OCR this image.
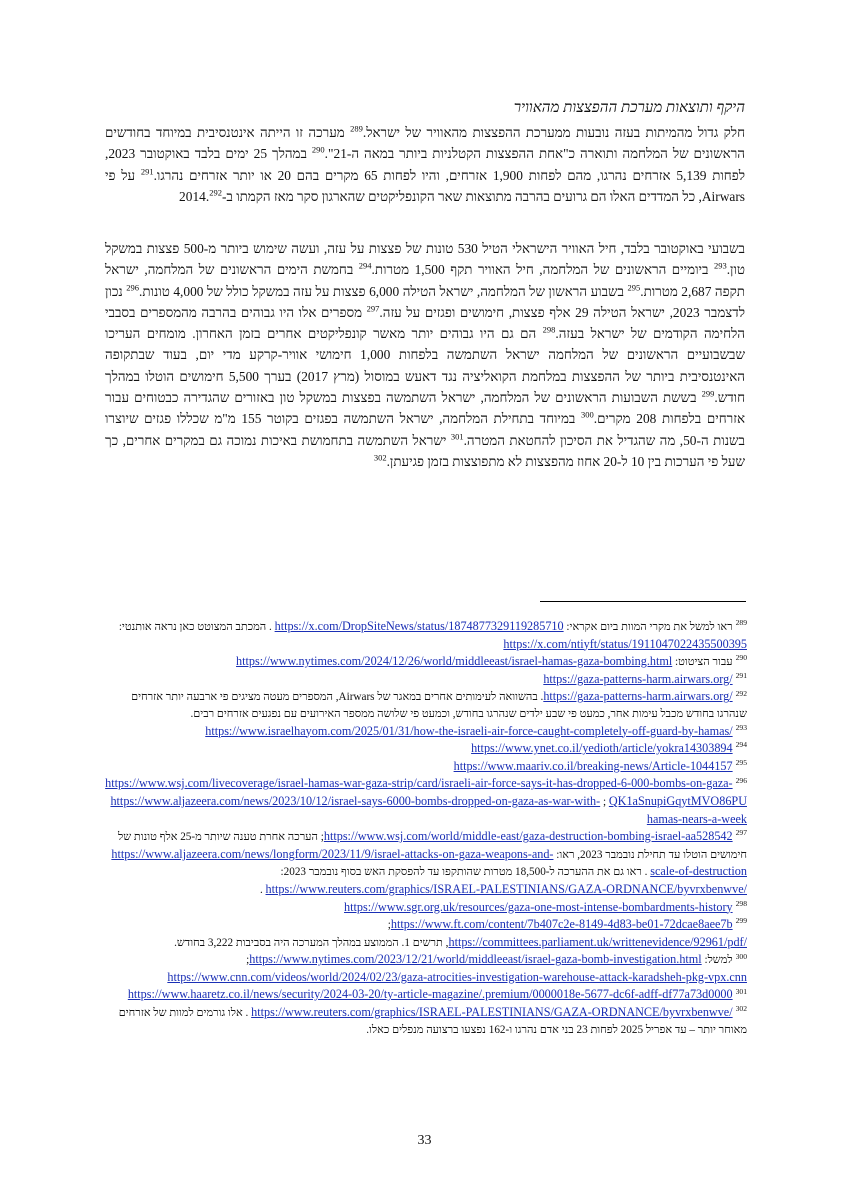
היקף ותוצאות מערכת ההפצצות מהאוויר
חלק גדול מהמיתות בעזה נובעות ממערכת ההפצצות מהאוויר של ישראל.$^{289}$ מערכה זו הייתה אינטנסיבית במיוחד בחודשים הראשונים של המלחמה ותוארה כ"אחת ההפצצות הקטלניות ביותר במאה ה-21".$^{290}$ במהלך 25 ימים בלבד באוקטובר 2023, לפחות 5,139 אזרחים נהרגו, מהם לפחות 1,900 אזרחים, והיו לפחות 65 מקרים בהם 20 או יותר אזרחים נהרגו.$^{291}$ על פי Airwars, כל המדדים האלו הם גרועים בהרבה מתוצאות שאר הקונפליקטים שהארגון סקר מאז הקמתו ב-2014.$^{292}$
בשבועי באוקטובר בלבד, חיל האוויר הישראלי הטיל 530 טונות של פצצות על עזה, ועשה שימוש ביותר מ-500 פצצות במשקל טון.$^{293}$ ביומיים הראשונים של המלחמה, חיל האוויר תקף 1,500 מטרות.$^{294}$ בחמשת הימים הראשונים של המלחמה, ישראל תקפה 2,687 מטרות.$^{295}$ בשבוע הראשון של המלחמה, ישראל הטילה 6,000 פצצות על עזה במשקל כולל של 4,000 טונות.$^{296}$ נכון לדצמבר 2023, ישראל הטילה 29 אלף פצצות, חימושים ופגזים על עזה.$^{297}$ מספרים אלו היו גבוהים בהרבה מהמספרים בסבבי הלחימה הקודמים של ישראל בעזה.$^{298}$ הם גם היו גבוהים יותר מאשר קונפליקטים אחרים בזמן האחרון. מומחים העריכו שבשבועיים הראשונים של המלחמה ישראל השתמשה בלפחות 1,000 חימושי אוויר-קרקע מדי יום, בעוד שבתקופה האינטנסיבית ביותר של ההפצצות במלחמת הקואליציה נגד דאעש במוסול (מרץ 2017) בערך 5,500 חימושים הוטלו במהלך חודש.$^{299}$ בששת השבועות הראשונים של המלחמה, ישראל השתמשה בפצצות במשקל טון באזורים שהגדירה כבטוחים עבור אזרחים בלפחות 208 מקרים.$^{300}$ במיוחד בתחילת המלחמה, ישראל השתמשה בפגזים בקוטר 155 מ"מ שכללו פגזים שיוצרו בשנות ה-50, מה שהגדיל את הסיכון להחטאת המטרה.$^{301}$ ישראל השתמשה בתחמושת באיכות נמוכה גם במקרים אחרים, כך שעל פי הערכות בין 10 ל-20 אחוז מהפצצות לא מתפוצצות בזמן פגיעתן.$^{302}$

$^{289}$ראו למשל את מקרי המוות ביום אקראי: https://x.com/DropSiteNews/status/1874877329119285710 . המכתב המצוטט כאן נראה אותנטי: https://x.com/ntiyft/status/1911047022435500395

$^{290}$עבור הציטוט: https://www.nytimes.com/2024/12/26/world/middleeast/israel-hamas-gaza-bombing.html

$^{291}$https://gaza-patterns-harm.airwars.org/

$^{292}$https://gaza-patterns-harm.airwars.org/. בהשוואה לעימותים אחרים במאגר של Airwars, המספרים מעטה מציגים פי ארבעה יותר אזרחים שנהרגו בחודש מכבל עימות אחר, כמעט פי שבע ילדים שנהרגו בחודש, וכמעט פי שלושה ממספר האירועים עם נפגעים אזרחים רבים.

$^{293}$https://www.israelhayom.com/2025/01/31/how-the-israeli-air-force-caught-completely-off-guard-by-hamas/

$^{294}$https://www.ynet.co.il/yedioth/article/yokra14303894

$^{295}$https://www.maariv.co.il/breaking-news/Article-1044157

$^{296}$https://www.wsj.com/livecoverage/israel-hamas-war-gaza-strip/card/israeli-air-force-says-it-has-dropped-6-000-bombs-on-gaza-QK1aSnupiGqytMVO86PU ; https://www.aljazeera.com/news/2023/10/12/israel-says-6000-bombs-dropped-on-gaza-as-war-with-hamas-nears-a-week

$^{297}$https://www.wsj.com/world/middle-east/gaza-destruction-bombing-israel-aa528542; הערכה אחרת טענה שיותר מ-25 אלף טונות של חימושים הוטלו עד תחילת נובמבר 2023, ראו: https://www.aljazeera.com/news/longform/2023/11/9/israel-attacks-on-gaza-weapons-and-scale-of-destruction . ראו גם את ההערכה ל-18,500 מטרות שהותקפו עד להפסקת האש בסוף נובמבר 2023: https://www.reuters.com/graphics/ISRAEL-PALESTINIANS/GAZA-ORDNANCE/byvrxbenwve/ .

$^{298}$https://www.sgr.org.uk/resources/gaza-one-most-intense-bombardments-history

$^{299}$https://www.ft.com/content/7b407c2e-8149-4d83-be01-72dcae8aee7b; https://committees.parliament.uk/writtenevidence/92961/pdf/, תרשים 1. הממוצע במהלך המערכה היה בסביבות 3,222 בחודש.

$^{300}$למשל: https://www.nytimes.com/2023/12/21/world/middleeast/israel-gaza-bomb-investigation.html; https://www.cnn.com/videos/world/2024/02/23/gaza-atrocities-investigation-warehouse-attack-karadsheh-pkg-vpx.cnn

$^{301}$https://www.haaretz.co.il/news/security/2024-03-20/ty-article-magazine/.premium/0000018e-5677-dc6f-adff-df77a73d0000

$^{302}$https://www.reuters.com/graphics/ISRAEL-PALESTINIANS/GAZA-ORDNANCE/byvrxbenwve/ . אלו גורמים למוות של אזרחים מאוחר יותר – עד אפריל 2025 לפחות 23 בני אדם נהרגו ו-162 נפצעו ברצועה מנפלים כאלו.

33
